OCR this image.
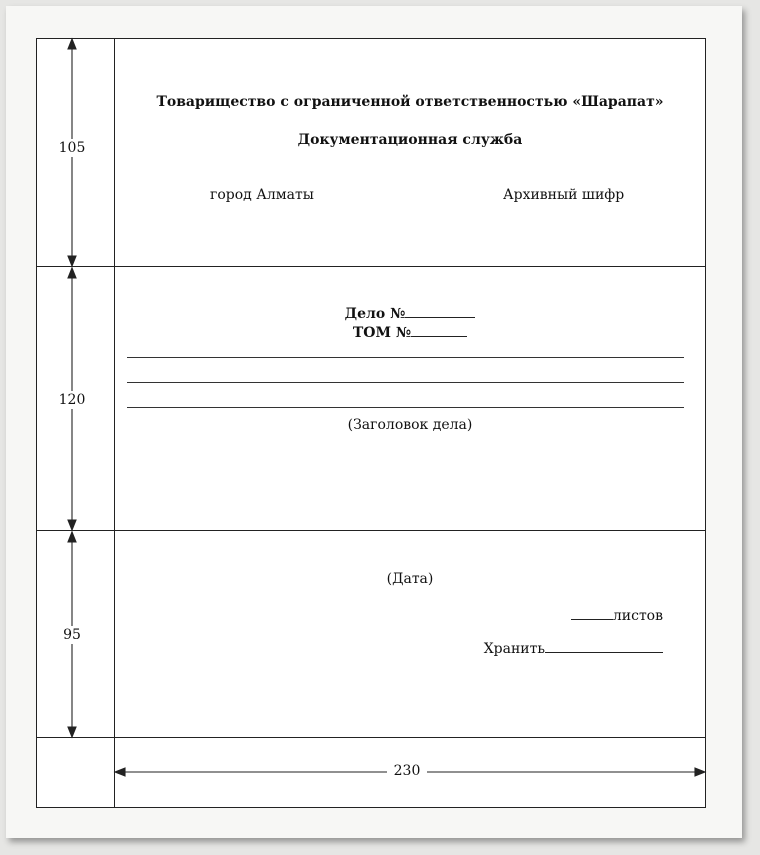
105
120
95
230
Товарищество с ограниченной ответственностью «Шарапат»
Документационная служба
город Алматы	Архивный шифр
Дело №
ТОМ №
(Заголовок дела)
(Дата)
листов
Хранить
